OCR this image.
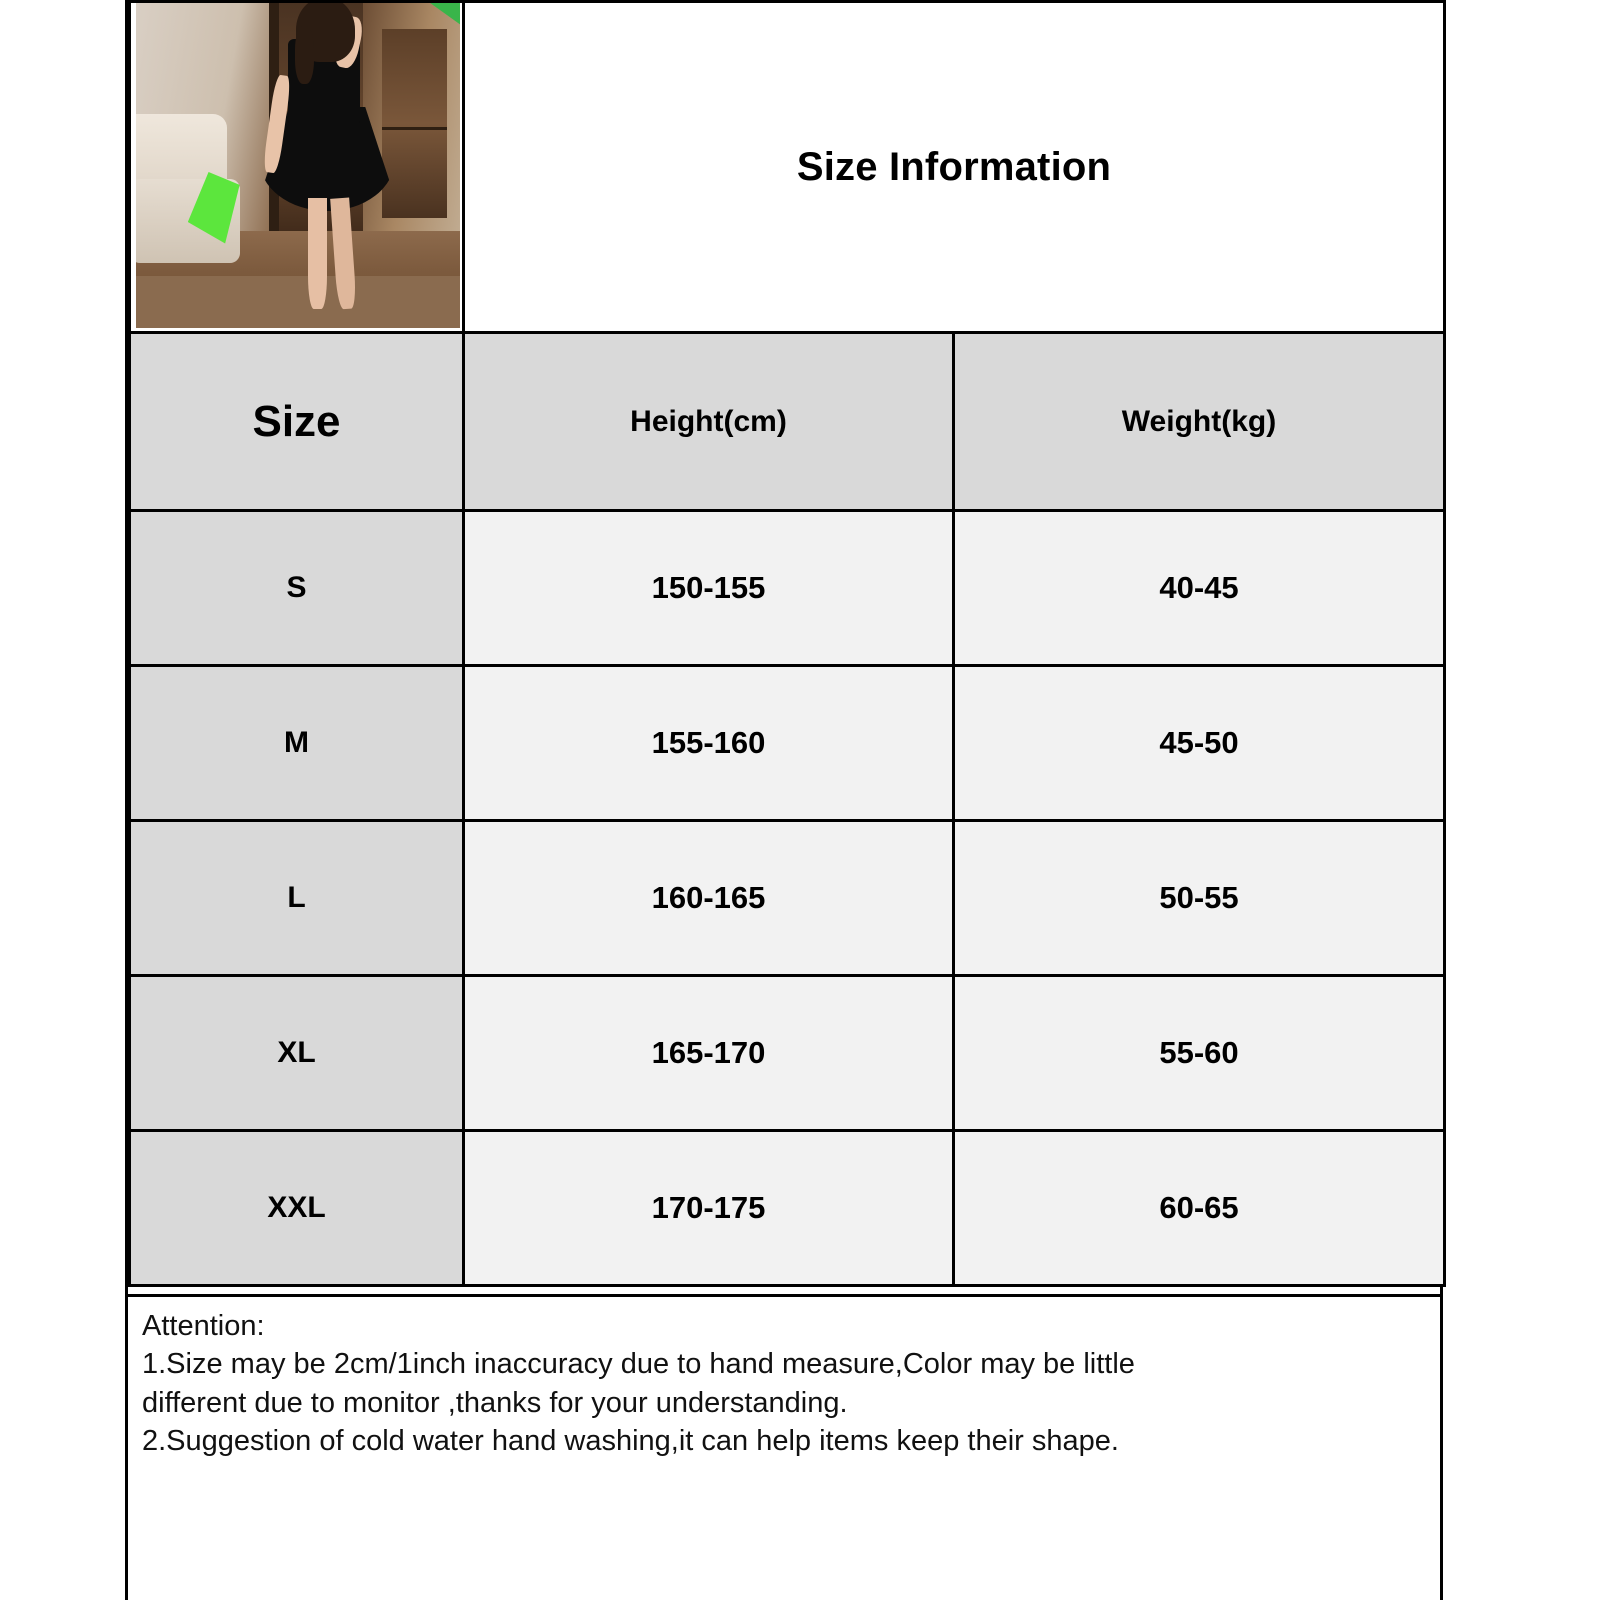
	Size Information	

Size	Height(cm)	Weight(kg)

S	150-155	40-45
M	155-160	45-50
L	160-165	50-55
XL	165-170	55-60
XXL	170-175	60-65
Attention:
1.Size may be 2cm/1inch inaccuracy due to hand measure,Color may be little
different due to monitor ,thanks for your understanding.
2.Suggestion of cold water hand washing,it can help items keep their shape.
